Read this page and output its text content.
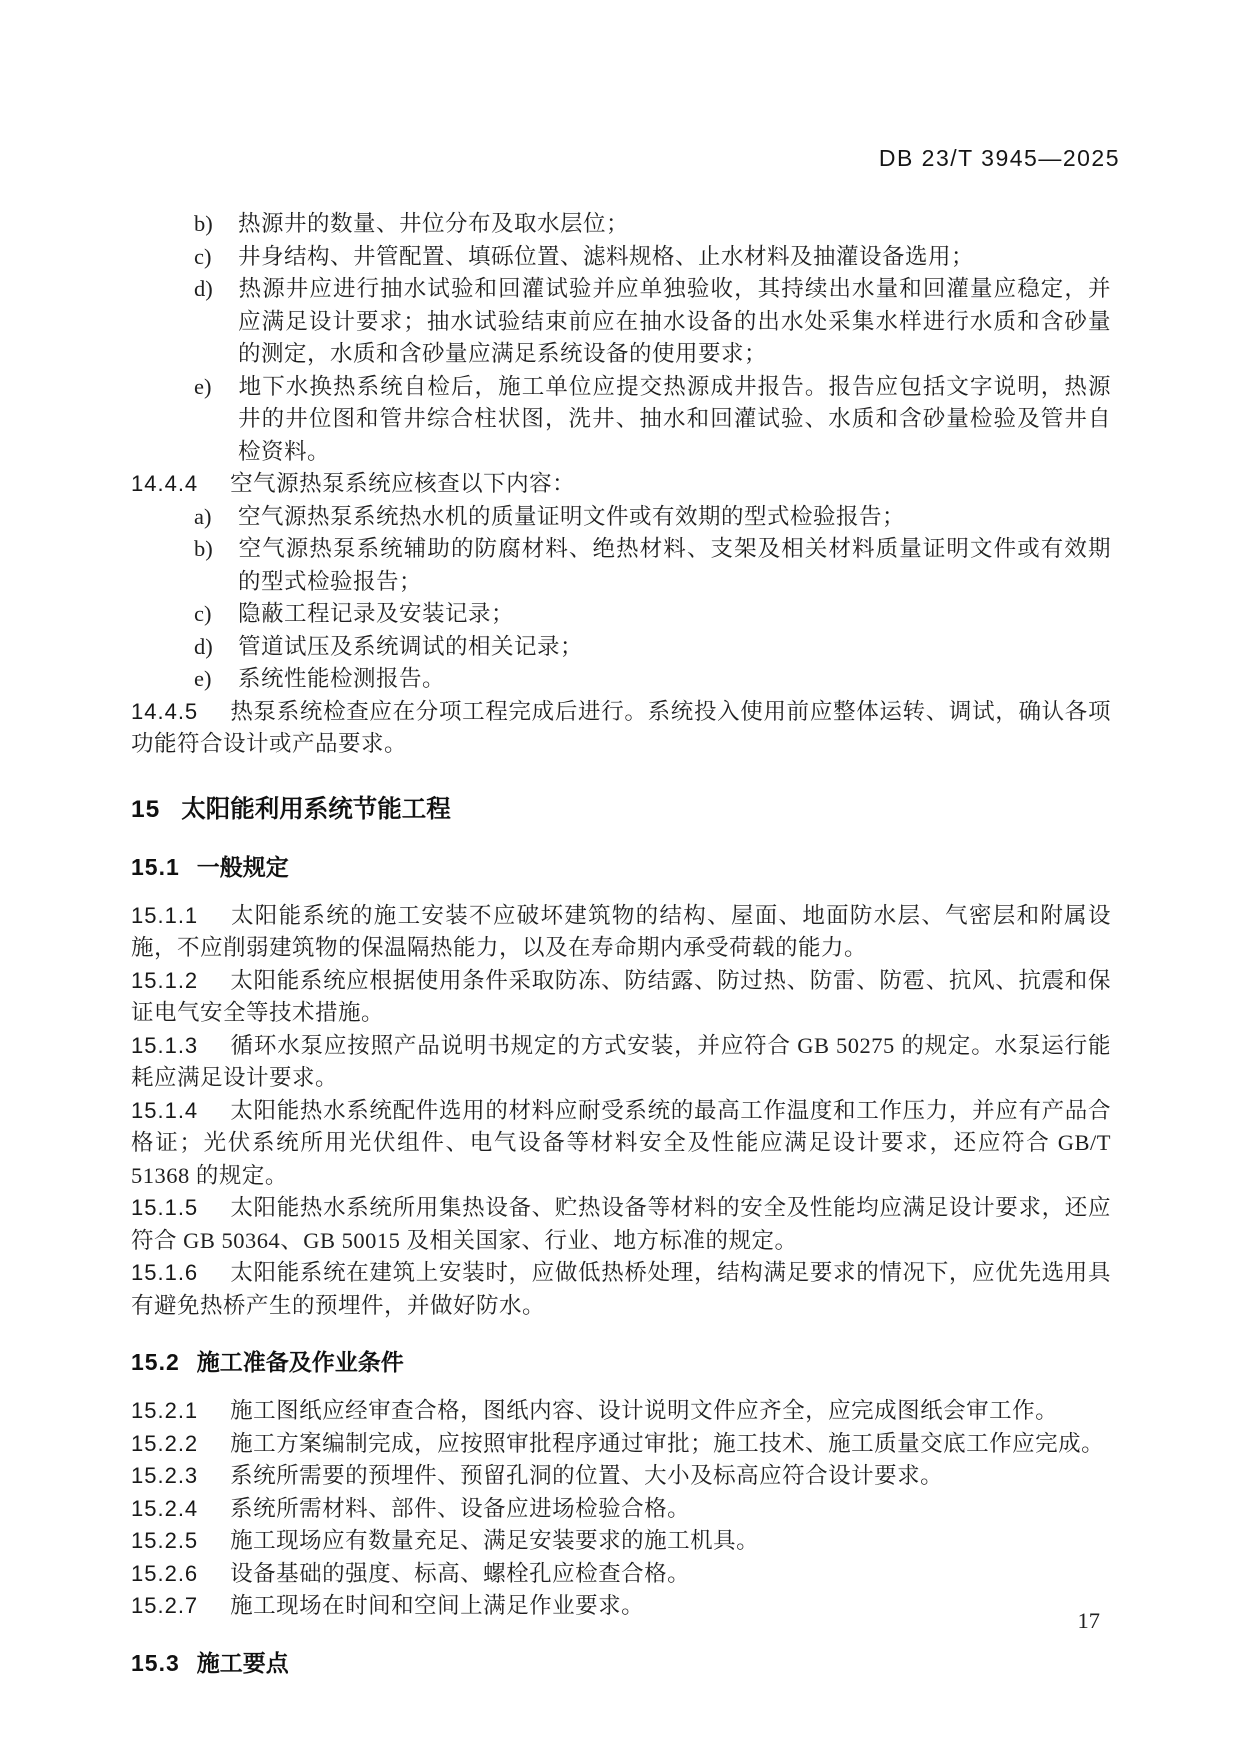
DB 23/T 3945—2025

b) 热源井的数量、井位分布及取水层位；

c) 井身结构、井管配置、填砾位置、滤料规格、止水材料及抽灌设备选用；

d) 热源井应进行抽水试验和回灌试验并应单独验收，其持续出水量和回灌量应稳定，并应满足设计要求；抽水试验结束前应在抽水设备的出水处采集水样进行水质和含砂量的测定，水质和含砂量应满足系统设备的使用要求；

e) 地下水换热系统自检后，施工单位应提交热源成井报告。报告应包括文字说明，热源井的井位图和管井综合柱状图，洗井、抽水和回灌试验、水质和含砂量检验及管井自检资料。

14.4.4 空气源热泵系统应核查以下内容：

a) 空气源热泵系统热水机的质量证明文件或有效期的型式检验报告；

b) 空气源热泵系统辅助的防腐材料、绝热材料、支架及相关材料质量证明文件或有效期的型式检验报告；

c) 隐蔽工程记录及安装记录；

d) 管道试压及系统调试的相关记录；

e) 系统性能检测报告。

14.4.5 热泵系统检查应在分项工程完成后进行。系统投入使用前应整体运转、调试，确认各项功能符合设计或产品要求。

15 太阳能利用系统节能工程
15.1 一般规定

15.1.1 太阳能系统的施工安装不应破坏建筑物的结构、屋面、地面防水层、气密层和附属设施，不应削弱建筑物的保温隔热能力，以及在寿命期内承受荷载的能力。

15.1.2 太阳能系统应根据使用条件采取防冻、防结露、防过热、防雷、防雹、抗风、抗震和保证电气安全等技术措施。

15.1.3 循环水泵应按照产品说明书规定的方式安装，并应符合 GB 50275 的规定。水泵运行能耗应满足设计要求。

15.1.4 太阳能热水系统配件选用的材料应耐受系统的最高工作温度和工作压力，并应有产品合格证；光伏系统所用光伏组件、电气设备等材料安全及性能应满足设计要求，还应符合 GB/T 51368 的规定。

15.1.5 太阳能热水系统所用集热设备、贮热设备等材料的安全及性能均应满足设计要求，还应符合 GB 50364、GB 50015 及相关国家、行业、地方标准的规定。

15.1.6 太阳能系统在建筑上安装时，应做低热桥处理，结构满足要求的情况下，应优先选用具有避免热桥产生的预埋件，并做好防水。

15.2 施工准备及作业条件

15.2.1 施工图纸应经审查合格，图纸内容、设计说明文件应齐全，应完成图纸会审工作。

15.2.2 施工方案编制完成，应按照审批程序通过审批；施工技术、施工质量交底工作应完成。

15.2.3 系统所需要的预埋件、预留孔洞的位置、大小及标高应符合设计要求。

15.2.4 系统所需材料、部件、设备应进场检验合格。

15.2.5 施工现场应有数量充足、满足安装要求的施工机具。

15.2.6 设备基础的强度、标高、螺栓孔应检查合格。

15.2.7 施工现场在时间和空间上满足作业要求。

15.3 施工要点
17
